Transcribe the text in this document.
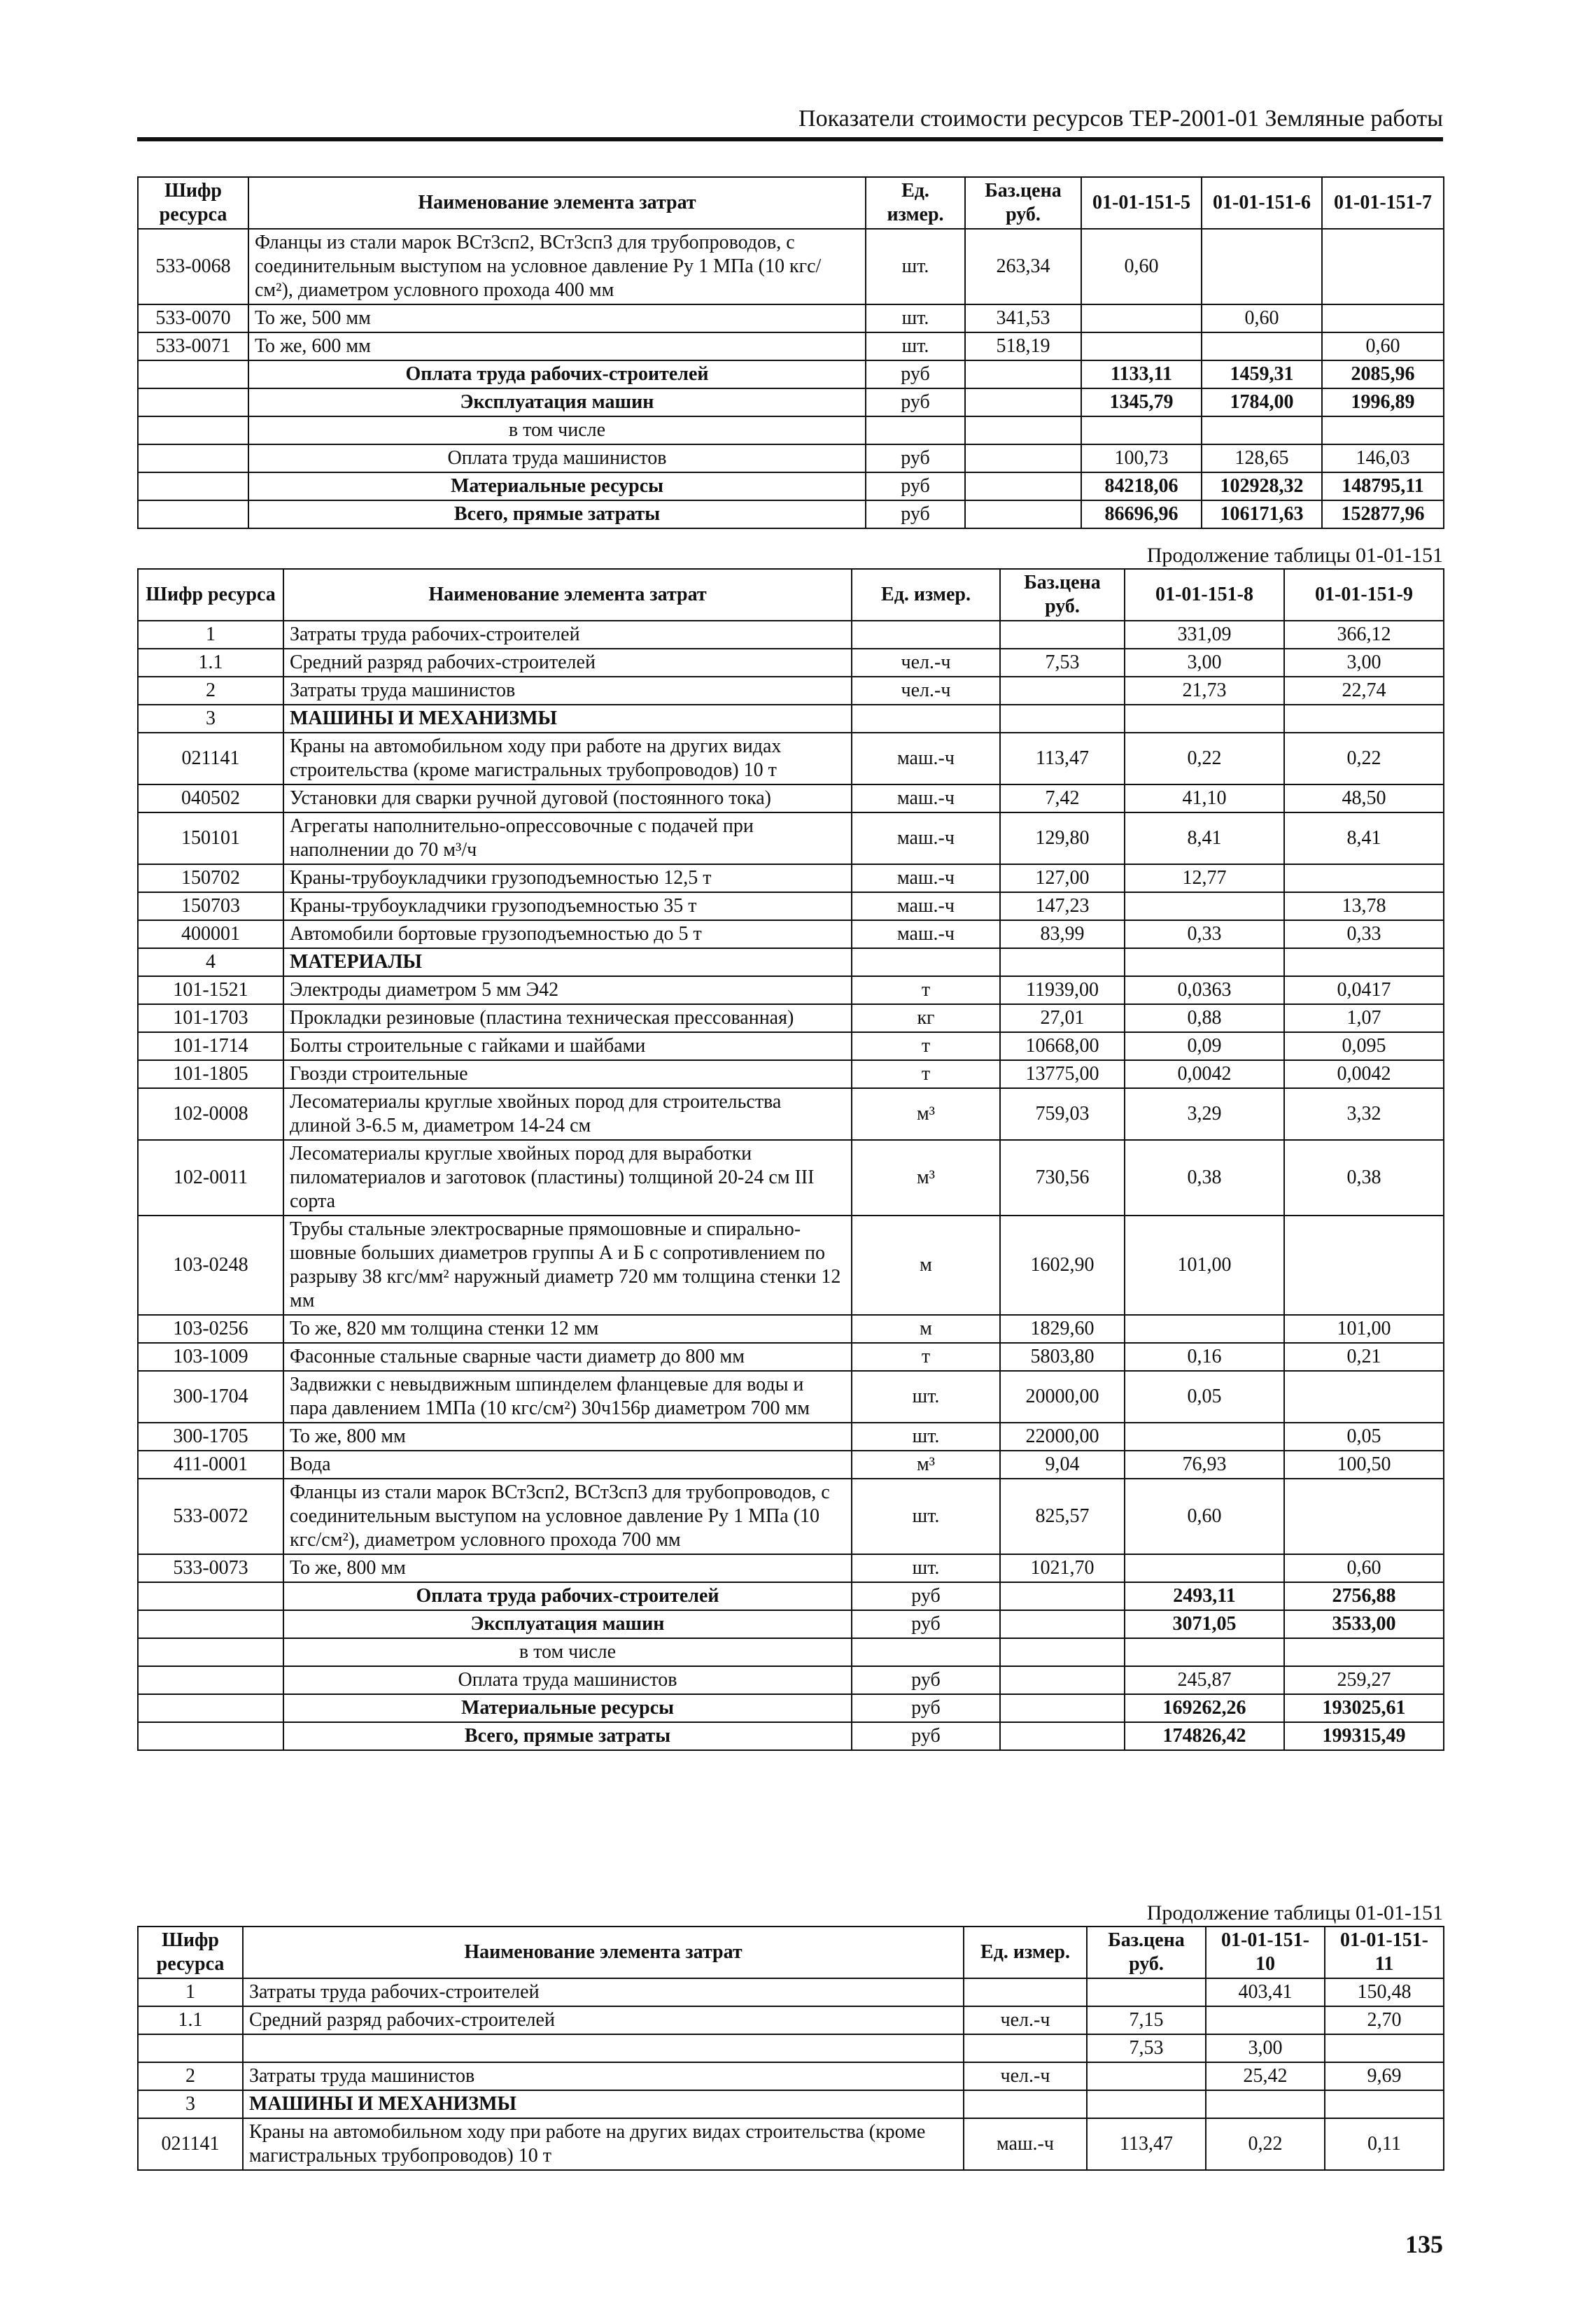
Показатели стоимости ресурсов ТЕР-2001-01 Земляные работы
Шифр ресурса	Наименование элемента затрат	Ед. измер.	Баз.цена руб.	01-01-151-5	01-01-151-6	01-01-151-7
533-0068	Фланцы из стали марок ВСт3сп2, ВСт3сп3 для трубопроводов, с соединительным выступом на условное давление Ру 1 МПа (10 кгс/см²), диаметром условного прохода 400 мм	шт.	263,34	0,60		
533-0070	То же, 500 мм	шт.	341,53		0,60	
533-0071	То же, 600 мм	шт.	518,19			0,60
	Оплата труда рабочих-строителей	руб		1133,11	1459,31	2085,96
	Эксплуатация машин	руб		1345,79	1784,00	1996,89
	в том числе					
	Оплата труда машинистов	руб		100,73	128,65	146,03
	Материальные ресурсы	руб		84218,06	102928,32	148795,11
	Всего, прямые затраты	руб		86696,96	106171,63	152877,96
Продолжение таблицы 01-01-151
Шифр ресурса	Наименование элемента затрат	Ед. измер.	Баз.цена руб.	01-01-151-8	01-01-151-9
1	Затраты труда рабочих-строителей			331,09	366,12
1.1	Средний разряд рабочих-строителей	чел.-ч	7,53	3,00	3,00
2	Затраты труда машинистов	чел.-ч		21,73	22,74
3	МАШИНЫ И МЕХАНИЗМЫ				
021141	Краны на автомобильном ходу при работе на других видах строительства (кроме магистральных трубопроводов) 10 т	маш.-ч	113,47	0,22	0,22
040502	Установки для сварки ручной дуговой (постоянного тока)	маш.-ч	7,42	41,10	48,50
150101	Агрегаты наполнительно-опрессовочные с подачей при наполнении до 70 м³/ч	маш.-ч	129,80	8,41	8,41
150702	Краны-трубоукладчики грузоподъемностью 12,5 т	маш.-ч	127,00	12,77	
150703	Краны-трубоукладчики грузоподъемностью 35 т	маш.-ч	147,23		13,78
400001	Автомобили бортовые грузоподъемностью до 5 т	маш.-ч	83,99	0,33	0,33
4	МАТЕРИАЛЫ				
101-1521	Электроды диаметром 5 мм Э42	т	11939,00	0,0363	0,0417
101-1703	Прокладки резиновые (пластина техническая прессованная)	кг	27,01	0,88	1,07
101-1714	Болты строительные с гайками и шайбами	т	10668,00	0,09	0,095
101-1805	Гвозди строительные	т	13775,00	0,0042	0,0042
102-0008	Лесоматериалы круглые хвойных пород для строительства длиной 3-6.5 м, диаметром 14-24 см	м³	759,03	3,29	3,32
102-0011	Лесоматериалы круглые хвойных пород для выработки пиломатериалов и заготовок (пластины) толщиной 20-24 см III сорта	м³	730,56	0,38	0,38
103-0248	Трубы стальные электросварные прямошовные и спирально-шовные больших диаметров группы А и Б с сопротивлением по разрыву 38 кгс/мм² наружный диаметр 720 мм толщина стенки 12 мм	м	1602,90	101,00	
103-0256	То же, 820 мм толщина стенки 12 мм	м	1829,60		101,00
103-1009	Фасонные стальные сварные части диаметр до 800 мм	т	5803,80	0,16	0,21
300-1704	Задвижки с невыдвижным шпинделем фланцевые для воды и пара давлением 1МПа (10 кгс/см²) 30ч156р диаметром 700 мм	шт.	20000,00	0,05	
300-1705	То же, 800 мм	шт.	22000,00		0,05
411-0001	Вода	м³	9,04	76,93	100,50
533-0072	Фланцы из стали марок ВСт3сп2, ВСт3сп3 для трубопроводов, с соединительным выступом на условное давление Ру 1 МПа (10 кгс/см²), диаметром условного прохода 700 мм	шт.	825,57	0,60	
533-0073	То же, 800 мм	шт.	1021,70		0,60
	Оплата труда рабочих-строителей	руб		2493,11	2756,88
	Эксплуатация машин	руб		3071,05	3533,00
	в том числе				
	Оплата труда машинистов	руб		245,87	259,27
	Материальные ресурсы	руб		169262,26	193025,61
	Всего, прямые затраты	руб		174826,42	199315,49
Продолжение таблицы 01-01-151
Шифр ресурса	Наименование элемента затрат	Ед. измер.	Баз.цена руб.	01-01-151-10	01-01-151-11
1	Затраты труда рабочих-строителей			403,41	150,48
1.1	Средний разряд рабочих-строителей	чел.-ч	7,15		2,70
			7,53	3,00	
2	Затраты труда машинистов	чел.-ч		25,42	9,69
3	МАШИНЫ И МЕХАНИЗМЫ				
021141	Краны на автомобильном ходу при работе на других видах строительства (кроме магистральных трубопроводов) 10 т	маш.-ч	113,47	0,22	0,11
135
